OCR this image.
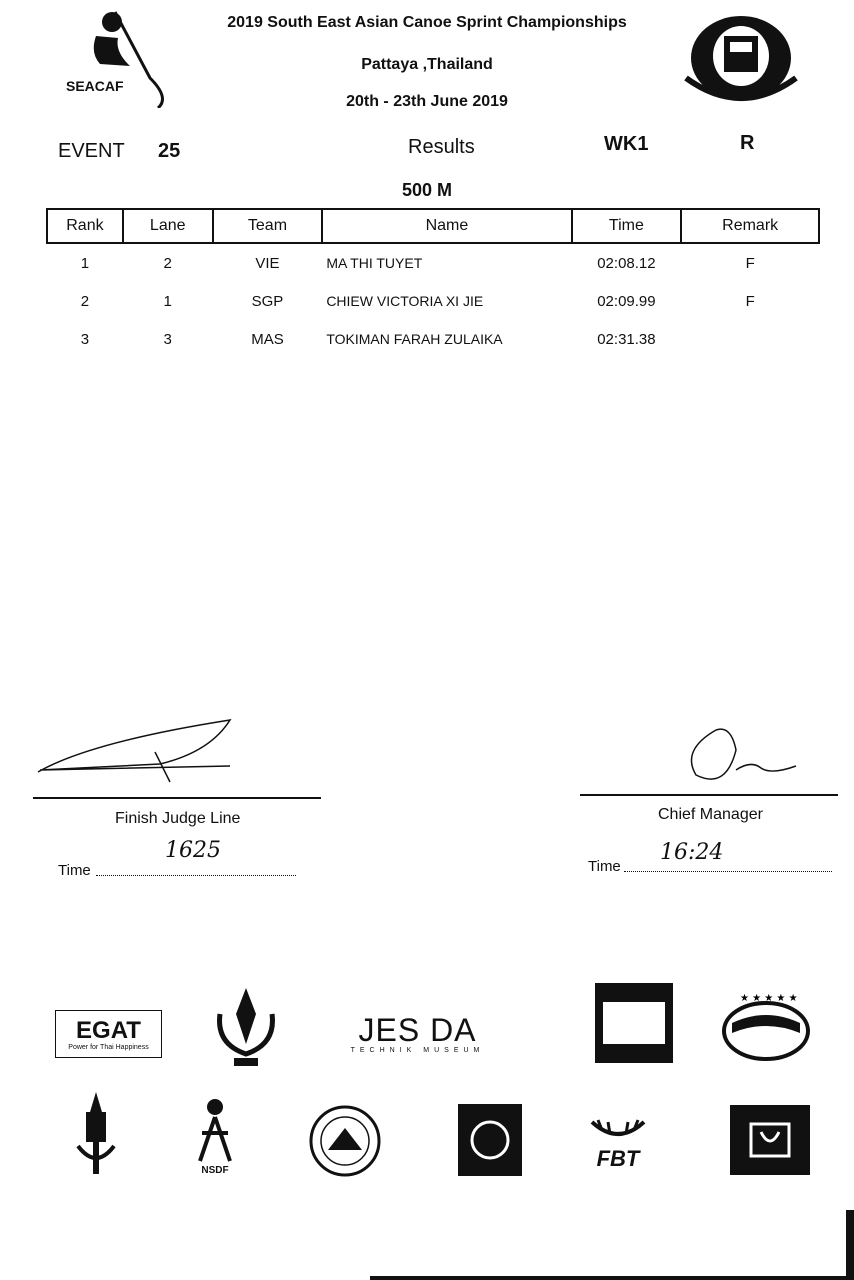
SEACAF
2019 South East Asian Canoe Sprint Championships
Pattaya ,Thailand
20th - 23th June 2019
EVENT 25	Results	WK1	R
500 M
Rank	Lane	Team	Name	Time	Remark
1	2	VIE	MA THI TUYET	02:08.12	F
2	1	SGP	CHIEW VICTORIA XI JIE	02:09.99	F
3	3	MAS	TOKIMAN FARAH ZULAIKA	02:31.38	
Finish Judge Line
Time
1625
Chief Manager
Time
16:24
EGAT
Power for Thai Happiness	JES DA
TECHNIK MUSEUM
★ ★ ★ ★ ★
NSDF	FBT
